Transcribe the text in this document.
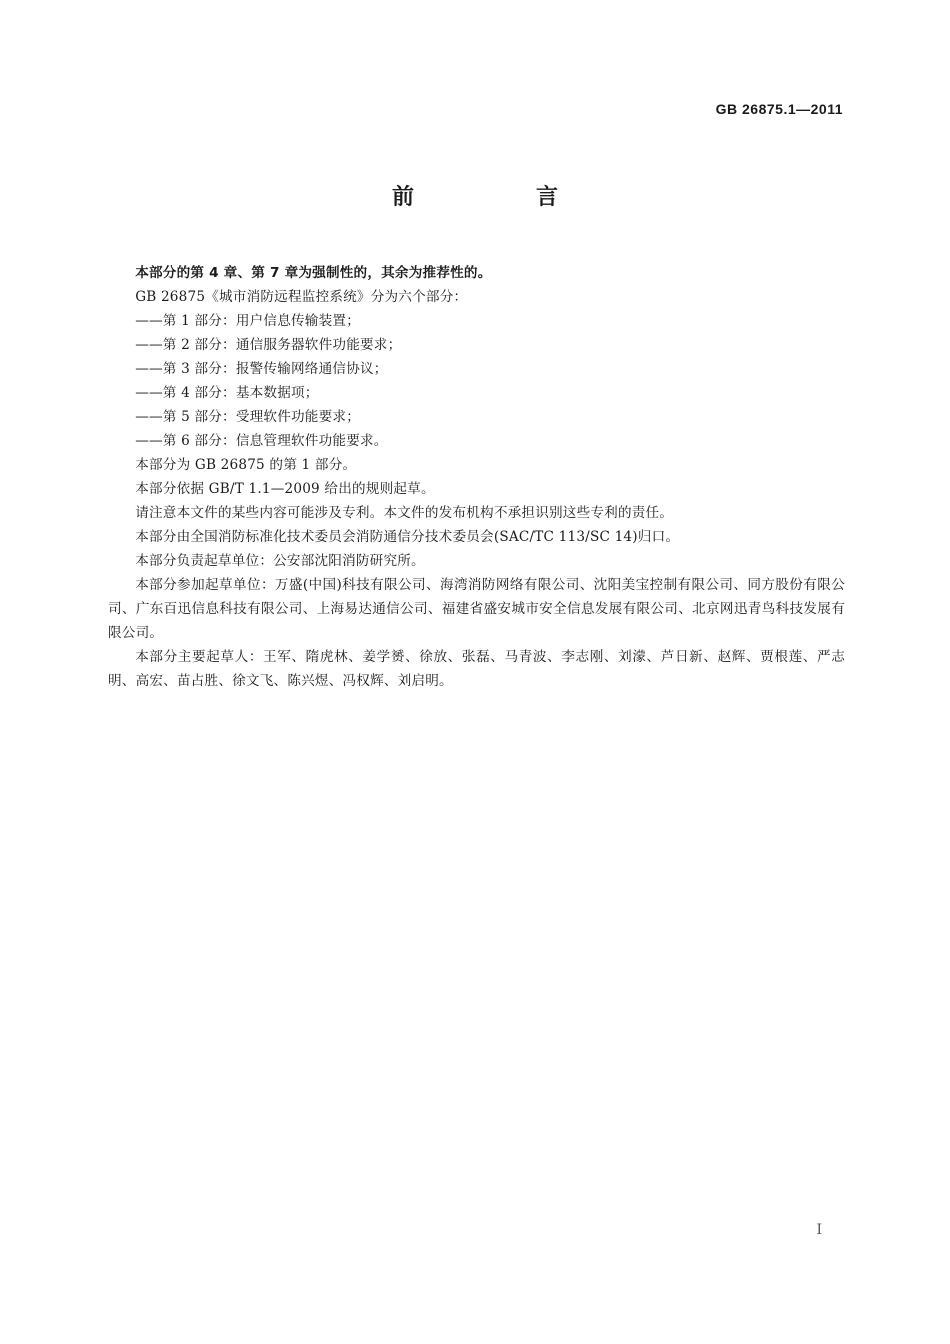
GB 26875.1—2011
前　言

本部分的第 4 章、第 7 章为强制性的，其余为推荐性的。

GB 26875《城市消防远程监控系统》分为六个部分：

——第 1 部分：用户信息传输装置；

——第 2 部分：通信服务器软件功能要求；

——第 3 部分：报警传输网络通信协议；

——第 4 部分：基本数据项；

——第 5 部分：受理软件功能要求；

——第 6 部分：信息管理软件功能要求。

本部分为 GB 26875 的第 1 部分。

本部分依据 GB/T 1.1—2009 给出的规则起草。

请注意本文件的某些内容可能涉及专利。本文件的发布机构不承担识别这些专利的责任。

本部分由全国消防标准化技术委员会消防通信分技术委员会(SAC/TC 113/SC 14)归口。

本部分负责起草单位：公安部沈阳消防研究所。

本部分参加起草单位：万盛(中国)科技有限公司、海湾消防网络有限公司、沈阳美宝控制有限公司、同方股份有限公司、广东百迅信息科技有限公司、上海易达通信公司、福建省盛安城市安全信息发展有限公司、北京网迅青鸟科技发展有限公司。

本部分主要起草人：王军、隋虎林、姜学赟、徐放、张磊、马青波、李志刚、刘濛、芦日新、赵辉、贾根莲、严志明、高宏、苗占胜、徐文飞、陈兴煜、冯权辉、刘启明。

I
